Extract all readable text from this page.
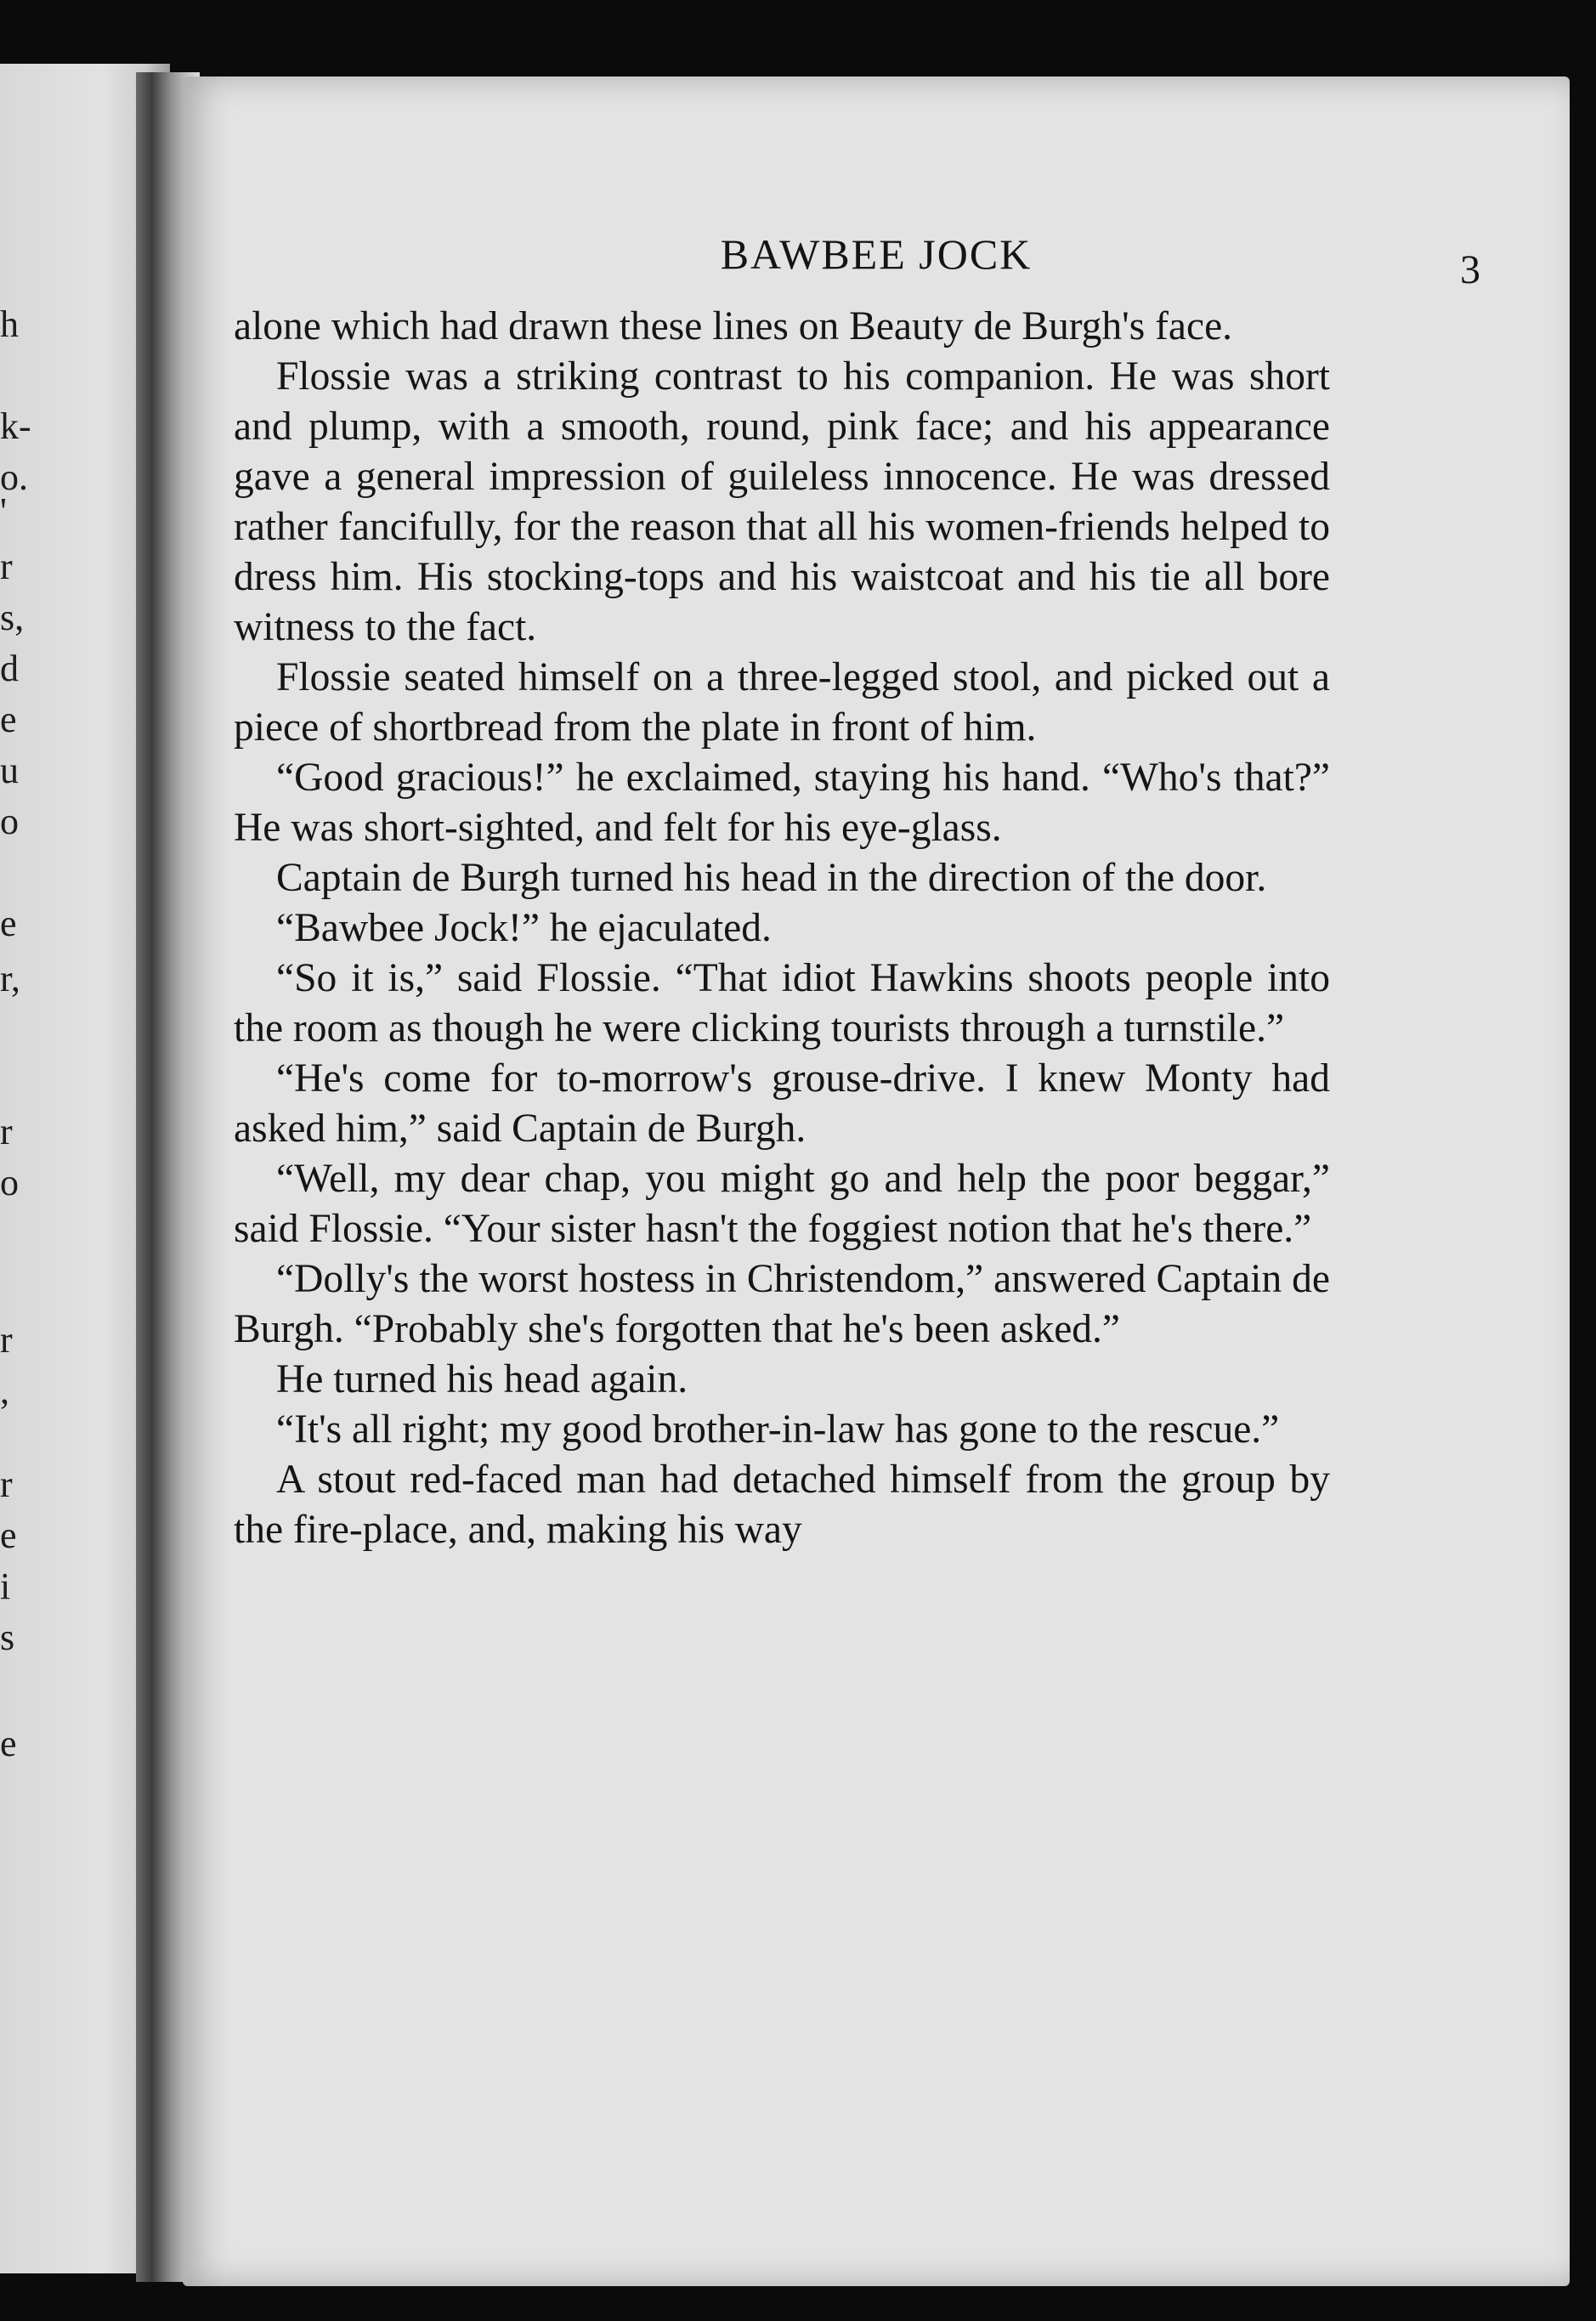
h
k-
o.
'
r
s,
d
e
u
o
e
r,
r
o
r
,
r
e
i
s
e
BAWBEE JOCK	3

alone which had drawn these lines on Beauty de Burgh's face.

Flossie was a striking contrast to his companion. He was short and plump, with a smooth, round, pink face; and his appearance gave a general impression of guileless innocence. He was dressed rather fancifully, for the reason that all his women-friends helped to dress him. His stocking-tops and his waistcoat and his tie all bore witness to the fact.

Flossie seated himself on a three-legged stool, and picked out a piece of shortbread from the plate in front of him.

“Good gracious!” he exclaimed, staying his hand. “Who's that?” He was short-sighted, and felt for his eye-glass.

Captain de Burgh turned his head in the direction of the door.

“Bawbee Jock!” he ejaculated.

“So it is,” said Flossie. “That idiot Hawkins shoots people into the room as though he were clicking tourists through a turnstile.”

“He's come for to-morrow's grouse-drive. I knew Monty had asked him,” said Captain de Burgh.

“Well, my dear chap, you might go and help the poor beggar,” said Flossie. “Your sister hasn't the foggiest notion that he's there.”

“Dolly's the worst hostess in Christendom,” answered Captain de Burgh. “Probably she's forgotten that he's been asked.”

He turned his head again.

“It's all right; my good brother-in-law has gone to the rescue.”

A stout red-faced man had detached himself from the group by the fire-place, and, making his way
